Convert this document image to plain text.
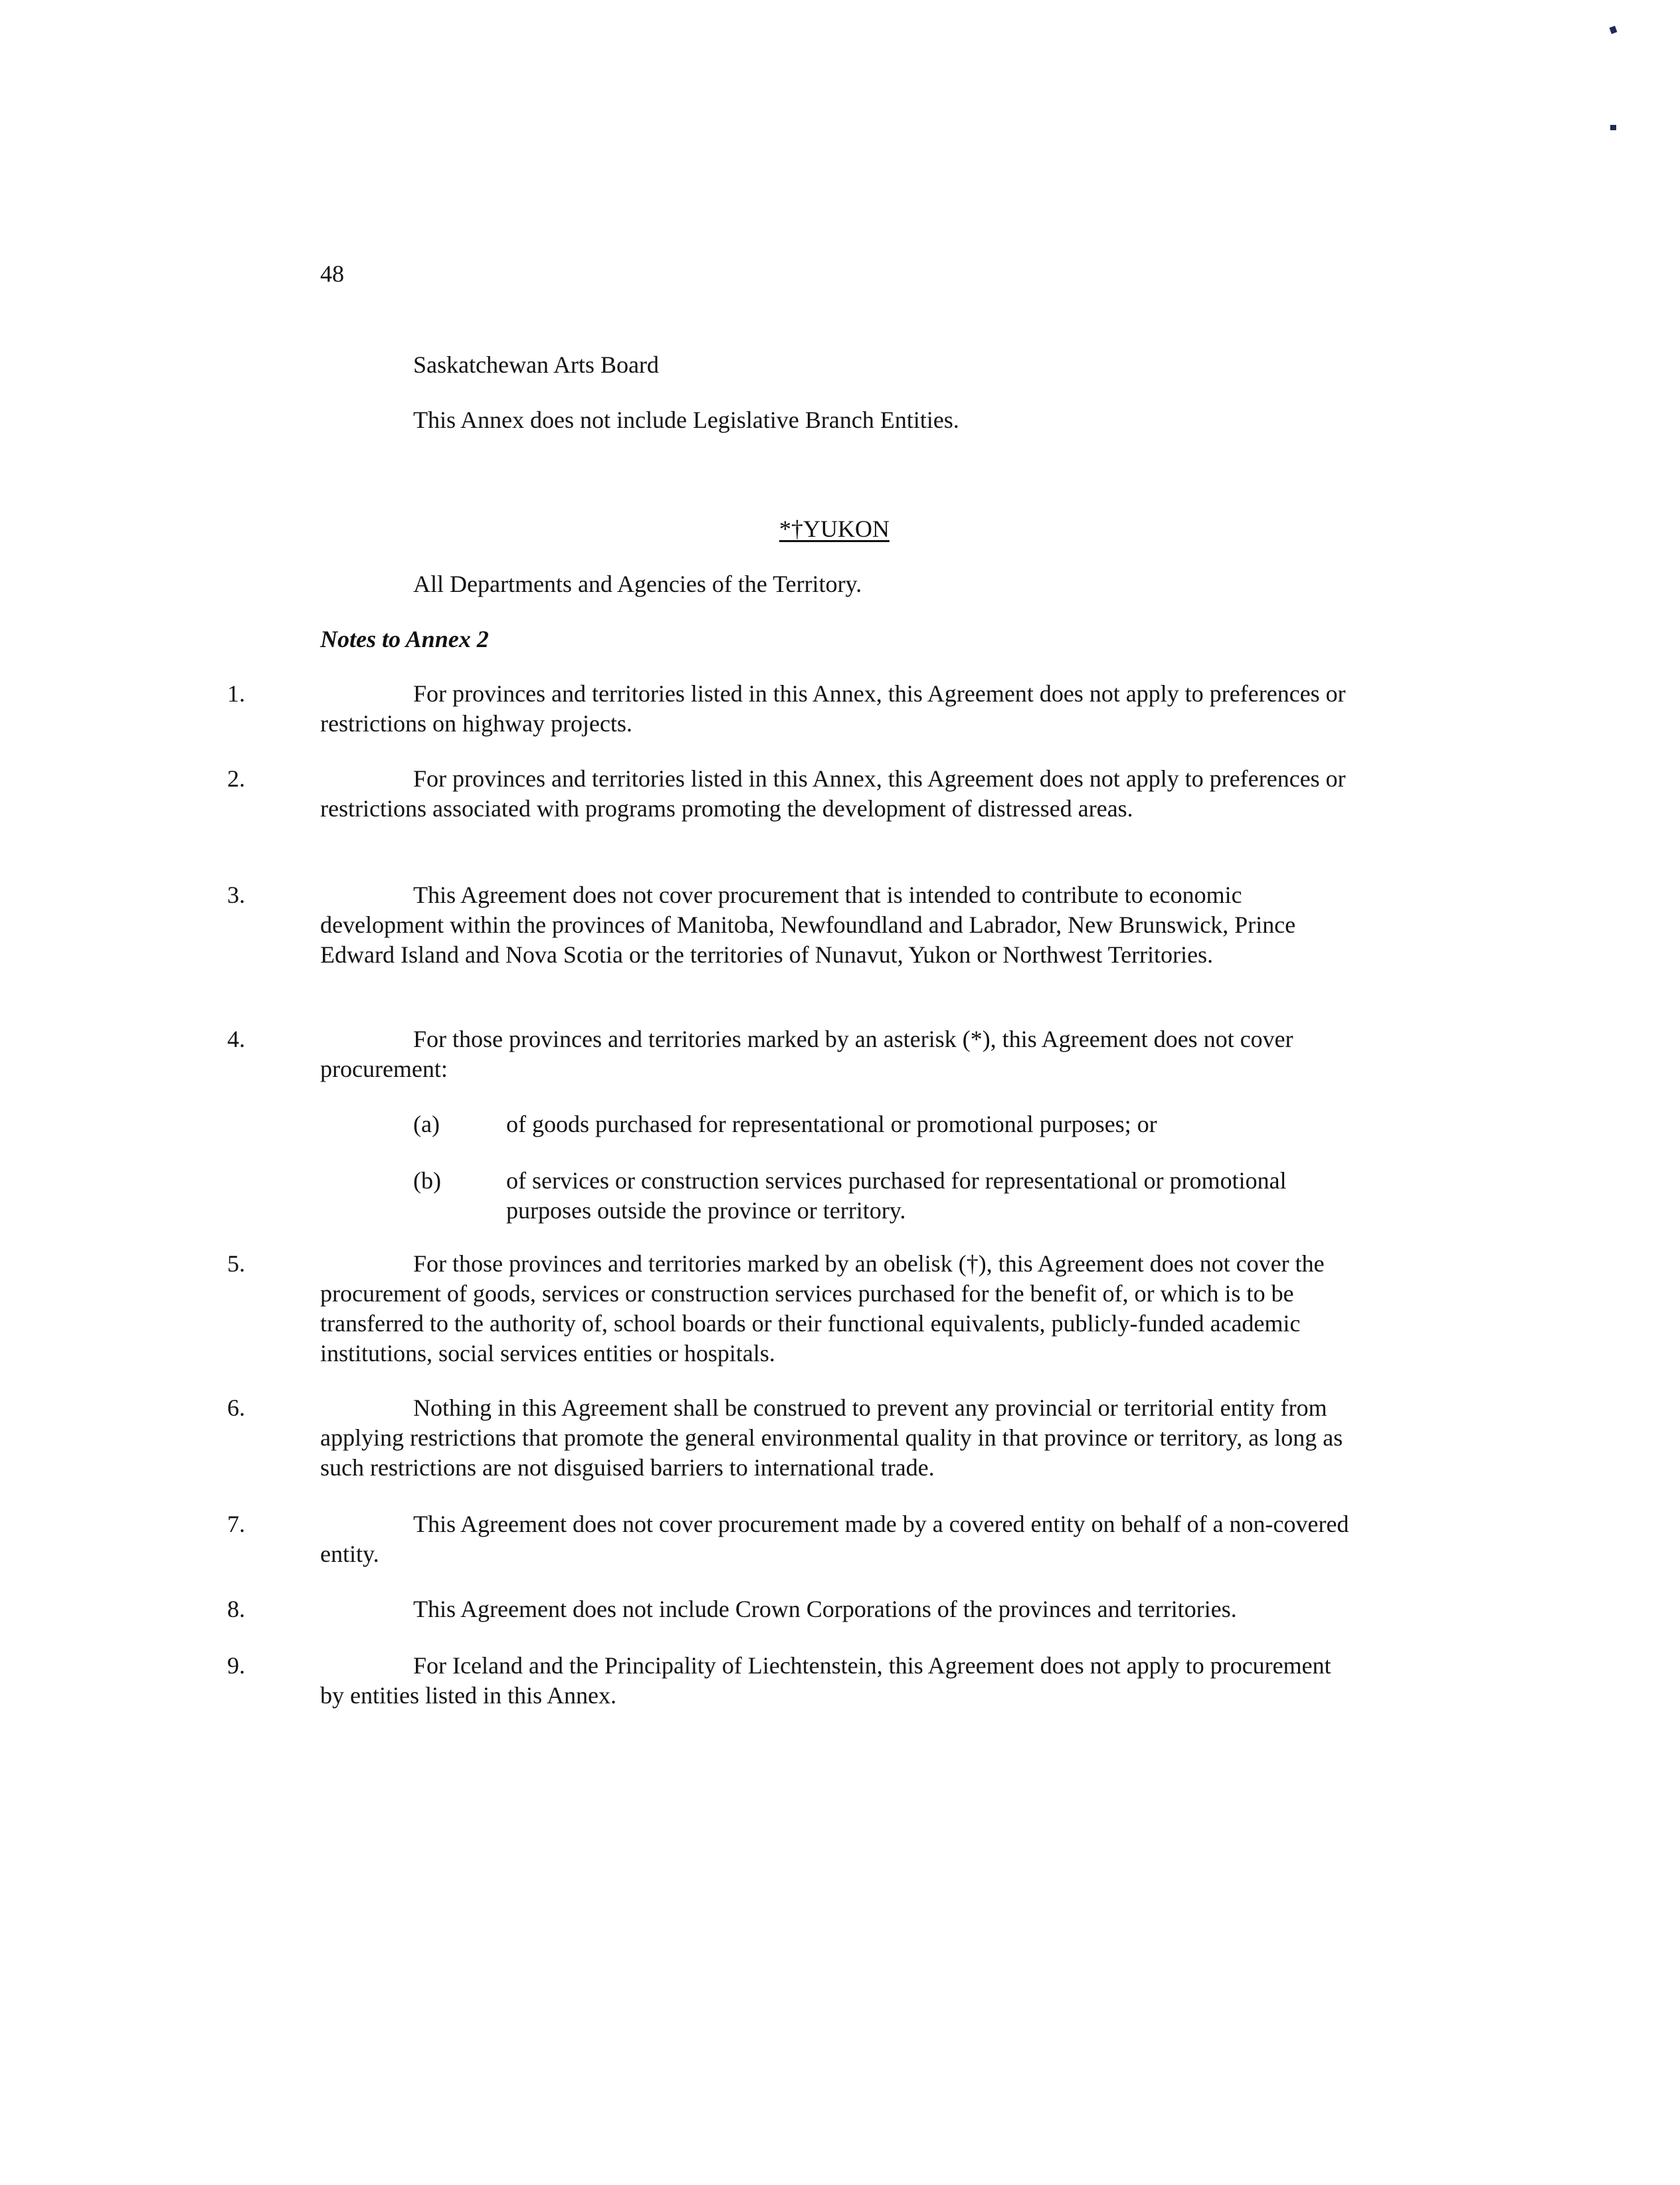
48
Saskatchewan Arts Board
This Annex does not include Legislative Branch Entities.
*†YUKON
All Departments and Agencies of the Territory.
Notes to Annex 2
1.	For provinces and territories listed in this Annex, this Agreement does not apply to preferences or restrictions on highway projects.
2.	For provinces and territories listed in this Annex, this Agreement does not apply to preferences or restrictions associated with programs promoting the development of distressed areas.
3.	This Agreement does not cover procurement that is intended to contribute to economic development within the provinces of Manitoba, Newfoundland and Labrador, New Brunswick, Prince Edward Island and Nova Scotia or the territories of Nunavut, Yukon or Northwest Territories.
4.	For those provinces and territories marked by an asterisk (*), this Agreement does not cover procurement:
(a)	of goods purchased for representational or promotional purposes; or
(b)	of services or construction services purchased for representational or promotional purposes outside the province or territory.
5.	For those provinces and territories marked by an obelisk (†), this Agreement does not cover the procurement of goods, services or construction services purchased for the benefit of, or which is to be transferred to the authority of, school boards or their functional equivalents, publicly-funded academic institutions, social services entities or hospitals.
6.	Nothing in this Agreement shall be construed to prevent any provincial or territorial entity from applying restrictions that promote the general environmental quality in that province or territory, as long as such restrictions are not disguised barriers to international trade.
7.	This Agreement does not cover procurement made by a covered entity on behalf of a non-covered entity.
8.	This Agreement does not include Crown Corporations of the provinces and territories.
9.	For Iceland and the Principality of Liechtenstein, this Agreement does not apply to procurement by entities listed in this Annex.
